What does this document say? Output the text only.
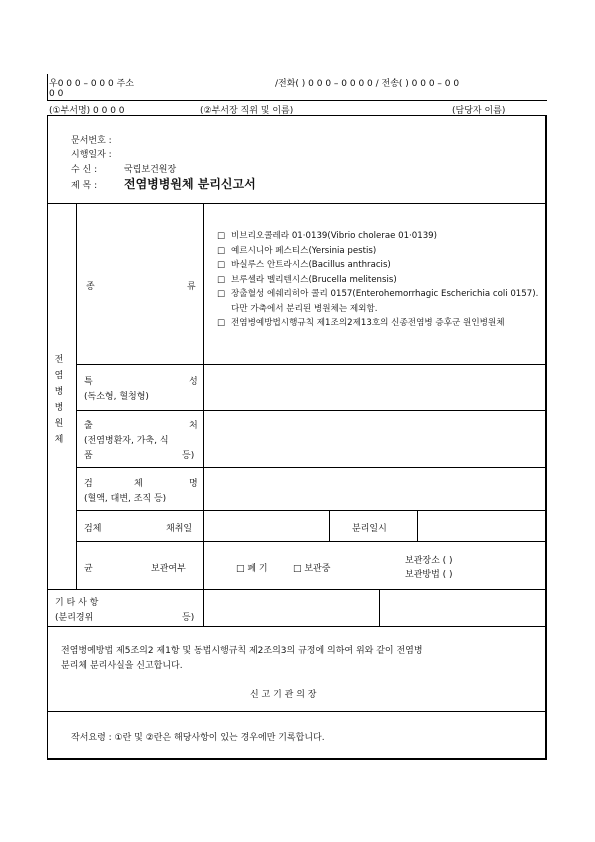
우0 0 0 – 0 0 0 주소	/전화( ) 0 0 0 – 0 0 0 0 / 전송( ) 0 0 0 – 0 0
0 0
(①부서명) 0 0 0 0	(②부서장 직위 및 이름)	(담당자 이름)
문서번호 :
시행일자 :
수 신 :	국립보건원장
제 목 : 전염병병원체 분리신고서
전
염
병
병
원
체
종	류
□ 비브리오콜레라 01·0139(Vibrio cholerae 01·0139)
□ 예르시니아 페스티스(Yersinia pestis)
□ 바실루스 안트라시스(Bacillus anthracis)
□ 브루셀라 멜리텐시스(Brucella melitensis)
□ 장출혈성 에쉐리히아 콜리 0157(Enterohemorrhagic Escherichia coli 0157). 다만 가축에서 분리된 병원체는 제외함.
□ 전염병예방법시행규칙 제1조의2제13호의 신종전염병 증후군 원인병원체
특	성
(독소형, 혈청형)
출	처
(전염병환자, 가축, 식
품	등)
검	체	명
(혈액, 대변, 조직 등)
검체	채취일	분리일시
균	보관여부	□ 폐 기	□ 보관중
보관장소 ( )
보관방법 ( )
기 타 사 항
(분리경위	등)
전염병예방법 제5조의2 제1항 및 동법시행규칙 제2조의3의 규정에 의하여 위와 같이 전염병
분리체 분리사실을 신고합니다.
신 고 기 관 의 장
작서요령 : ①란 및 ②란은 해당사항이 있는 경우에만 기록합니다.
